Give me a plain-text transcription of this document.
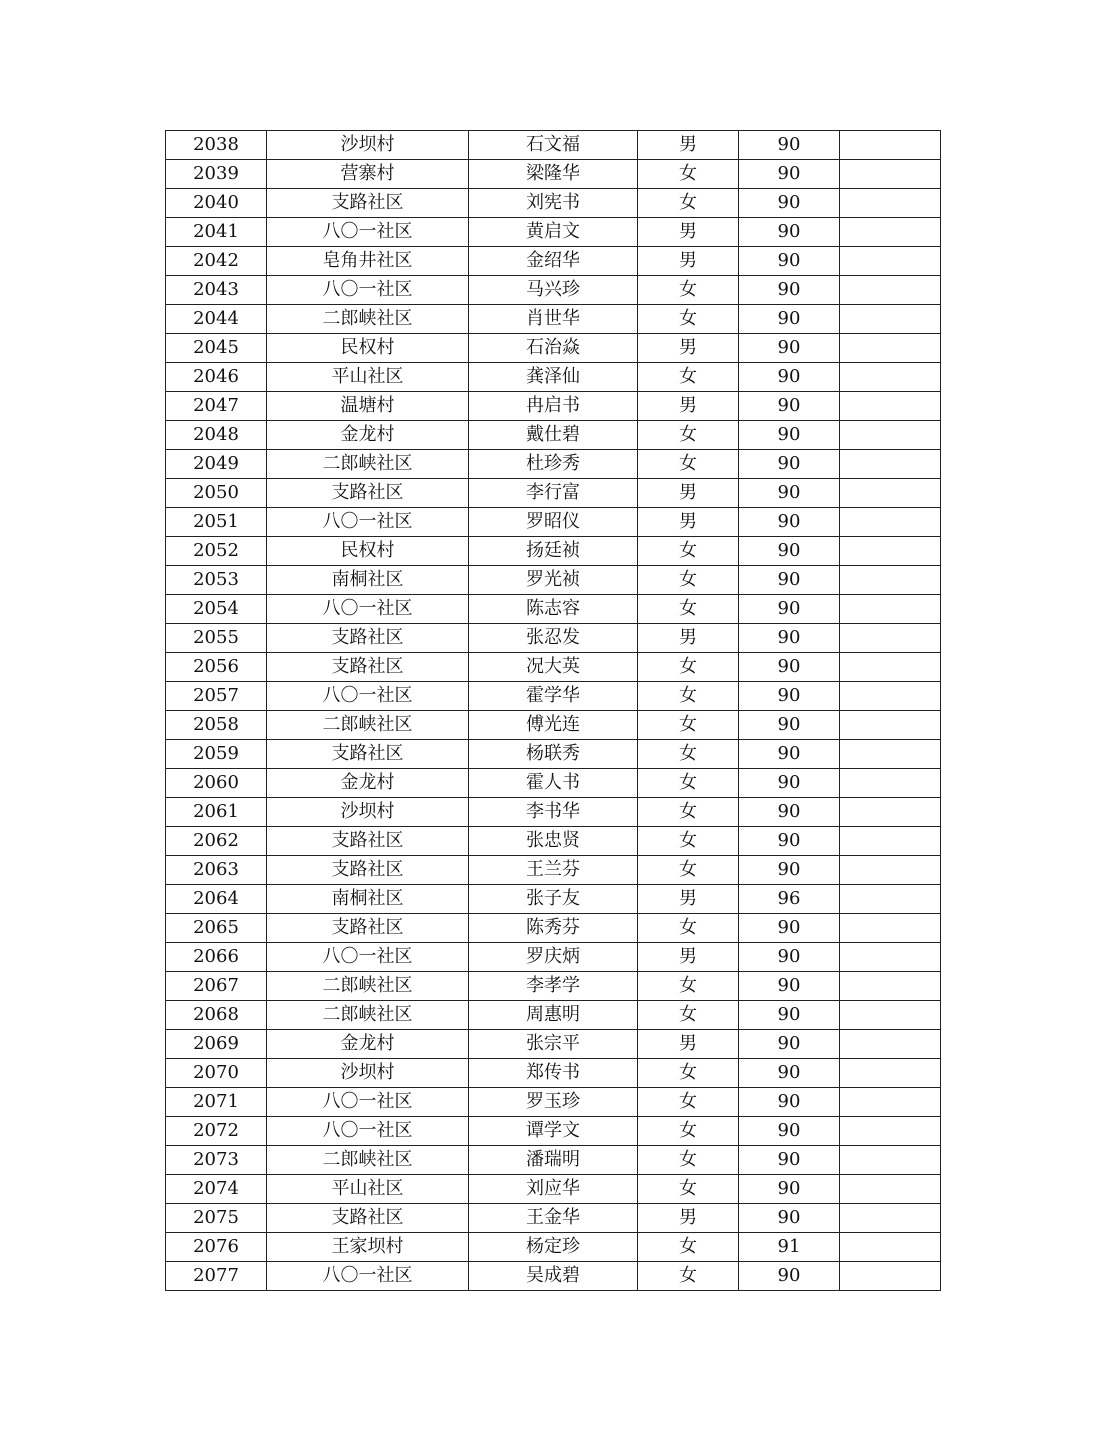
2038	沙坝村	石文福	男	90	
2039	营寨村	梁隆华	女	90	
2040	支路社区	刘宪书	女	90	
2041	八〇一社区	黄启文	男	90	
2042	皂角井社区	金绍华	男	90	
2043	八〇一社区	马兴珍	女	90	
2044	二郎峡社区	肖世华	女	90	
2045	民权村	石治焱	男	90	
2046	平山社区	龚泽仙	女	90	
2047	温塘村	冉启书	男	90	
2048	金龙村	戴仕碧	女	90	
2049	二郎峡社区	杜珍秀	女	90	
2050	支路社区	李行富	男	90	
2051	八〇一社区	罗昭仪	男	90	
2052	民权村	扬廷祯	女	90	
2053	南桐社区	罗光祯	女	90	
2054	八〇一社区	陈志容	女	90	
2055	支路社区	张忍发	男	90	
2056	支路社区	况大英	女	90	
2057	八〇一社区	霍学华	女	90	
2058	二郎峡社区	傅光连	女	90	
2059	支路社区	杨联秀	女	90	
2060	金龙村	霍人书	女	90	
2061	沙坝村	李书华	女	90	
2062	支路社区	张忠贤	女	90	
2063	支路社区	王兰芬	女	90	
2064	南桐社区	张子友	男	96	
2065	支路社区	陈秀芬	女	90	
2066	八〇一社区	罗庆炳	男	90	
2067	二郎峡社区	李孝学	女	90	
2068	二郎峡社区	周惠明	女	90	
2069	金龙村	张宗平	男	90	
2070	沙坝村	郑传书	女	90	
2071	八〇一社区	罗玉珍	女	90	
2072	八〇一社区	谭学文	女	90	
2073	二郎峡社区	潘瑞明	女	90	
2074	平山社区	刘应华	女	90	
2075	支路社区	王金华	男	90	
2076	王家坝村	杨定珍	女	91	
2077	八〇一社区	吴成碧	女	90	
